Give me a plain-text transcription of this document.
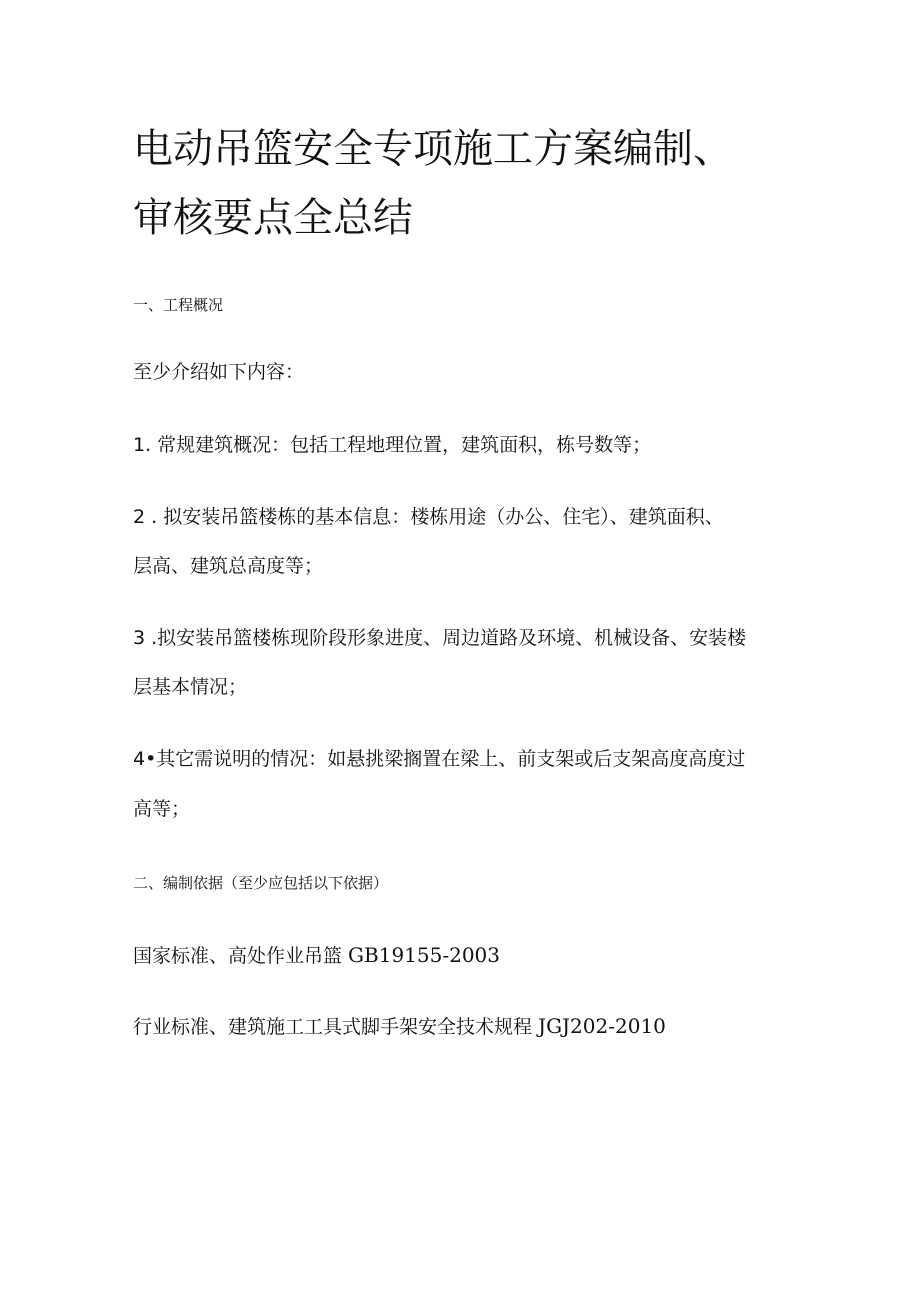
电动吊篮安全专项施工方案编制、
审核要点全总结
一、工程概况
至少介绍如下内容：
1. 常规建筑概况：包括工程地理位置，建筑面积，栋号数等；
2 . 拟安装吊篮楼栋的基本信息：楼栋用途（办公、住宅）、建筑面积、
层高、建筑总高度等；
3 .拟安装吊篮楼栋现阶段形象进度、周边道路及环境、机械设备、安装楼
层基本情况；
4•其它需说明的情况：如悬挑梁搁置在梁上、前支架或后支架高度高度过
高等；
二、编制依据（至少应包括以下依据）
国家标准、高处作业吊篮 GB19155-2003
行业标准、建筑施工工具式脚手架安全技术规程 JGJ202-2010
